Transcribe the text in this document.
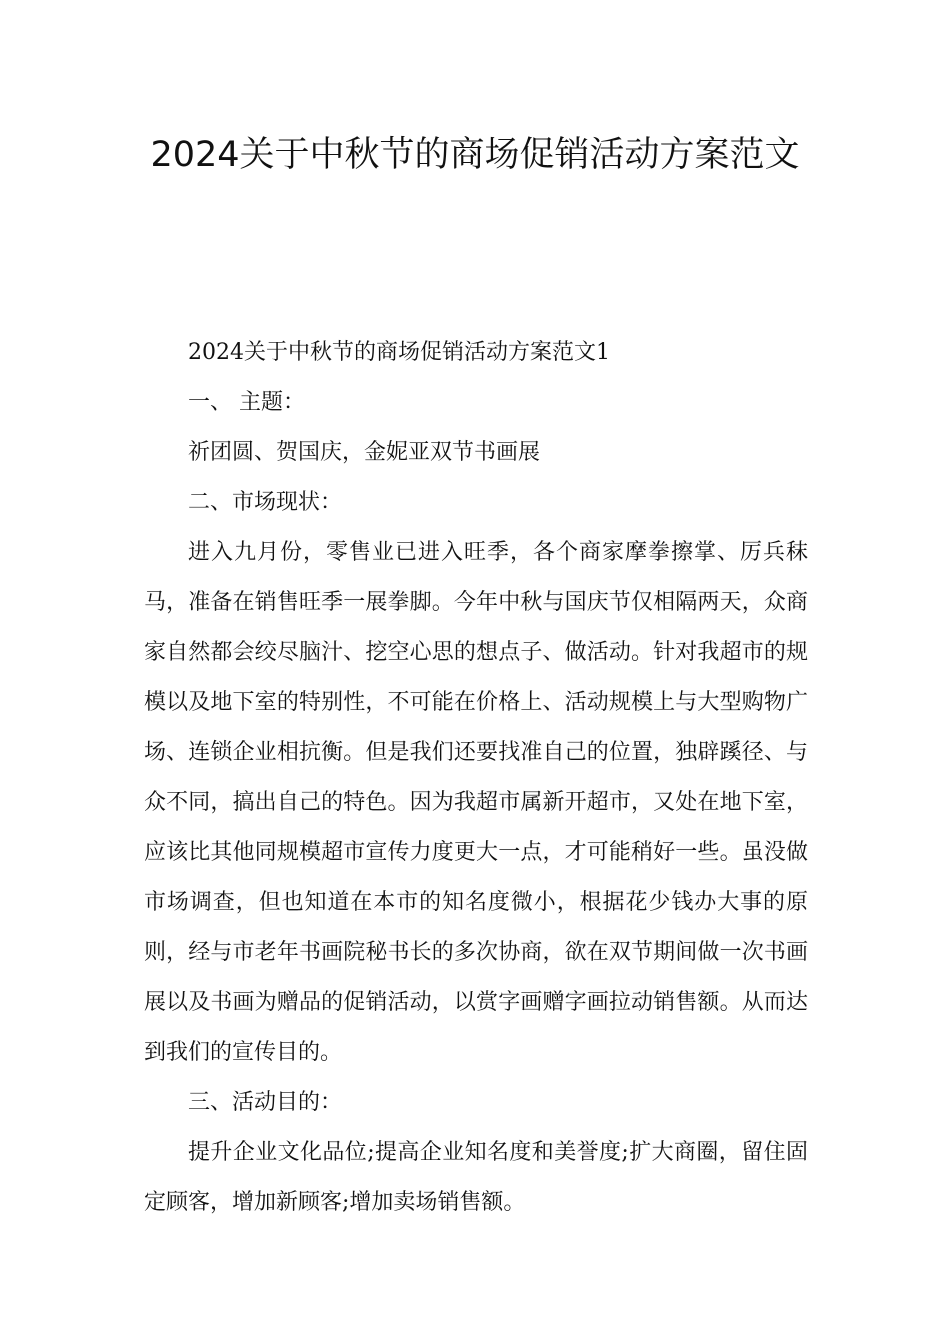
2024关于中秋节的商场促销活动方案范文

2024关于中秋节的商场促销活动方案范文1

一、 主题：

祈团圆、贺国庆，金妮亚双节书画展

二、市场现状：

进入九月份，零售业已进入旺季，各个商家摩拳擦掌、厉兵秣马，准备在销售旺季一展拳脚。今年中秋与国庆节仅相隔两天，众商家自然都会绞尽脑汁、挖空心思的想点子、做活动。针对我超市的规模以及地下室的特别性，不可能在价格上、活动规模上与大型购物广场、连锁企业相抗衡。但是我们还要找准自己的位置，独辟蹊径、与众不同，搞出自己的特色。因为我超市属新开超市，又处在地下室，应该比其他同规模超市宣传力度更大一点，才可能稍好一些。虽没做市场调查，但也知道在本市的知名度微小，根据花少钱办大事的原则，经与市老年书画院秘书长的多次协商，欲在双节期间做一次书画展以及书画为赠品的促销活动，以赏字画赠字画拉动销售额。从而达到我们的宣传目的。

三、活动目的：

提升企业文化品位;提高企业知名度和美誉度;扩大商圈，留住固定顾客，增加新顾客;增加卖场销售额。
